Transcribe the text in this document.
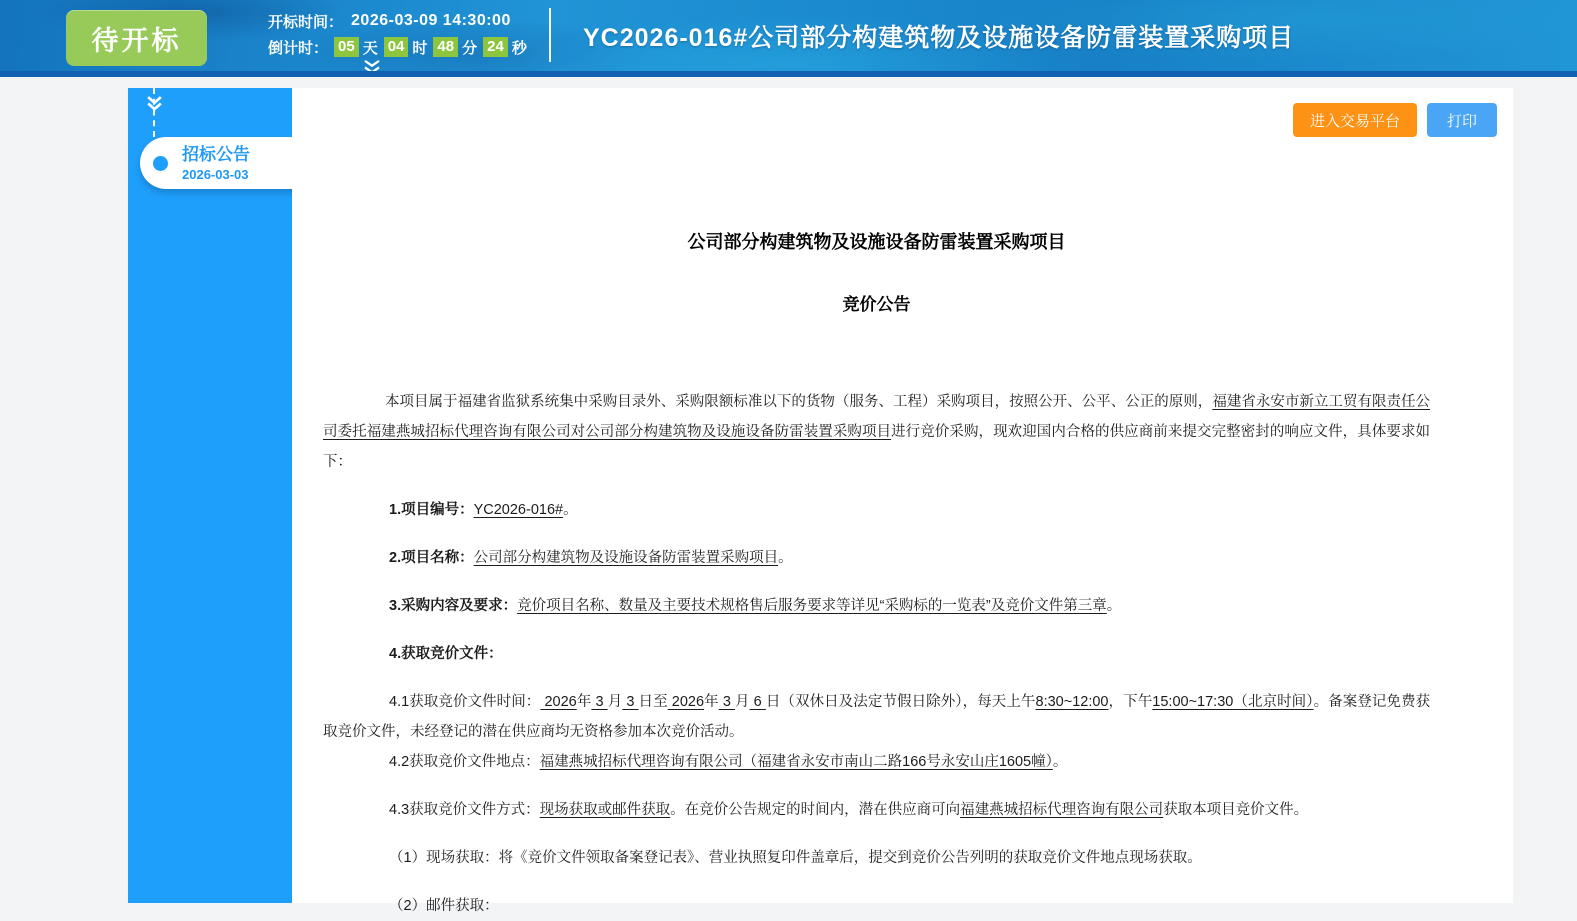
待开标
开标时间： 2026-03-09 14:30:00
倒计时： 05 天 04 时 48 分 24 秒 YC2026-016#公司部分构建筑物及设施设备防雷装置采购项目
招标公告
2026-03-03
进入交易平台	打印
公司部分构建筑物及设施设备防雷装置采购项目
竞价公告

本项目属于福建省监狱系统集中采购目录外、采购限额标准以下的货物（服务、工程）采购项目，按照公开、公平、公正的原则，福建省永安市新立工贸有限责任公司委托福建燕城招标代理咨询有限公司对公司部分构建筑物及设施设备防雷装置采购项目进行竞价采购，现欢迎国内合格的供应商前来提交完整密封的响应文件，具体要求如下：

1.项目编号：YC2026-016#。

2.项目名称：公司部分构建筑物及设施设备防雷装置采购项目。

3.采购内容及要求：竞价项目名称、数量及主要技术规格售后服务要求等详见“采购标的一览表”及竞价文件第三章。

4.获取竞价文件：

4.1获取竞价文件时间： 2026年 3 月 3 日至 2026年 3 月 6 日（双休日及法定节假日除外），每天上午8:30~12:00，下午15:00~17:30（北京时间）。备案登记免费获取竞价文件，未经登记的潜在供应商均无资格参加本次竞价活动。

4.2获取竞价文件地点：福建燕城招标代理咨询有限公司（福建省永安市南山二路166号永安山庄1605幢）。

4.3获取竞价文件方式：现场获取或邮件获取。在竞价公告规定的时间内，潜在供应商可向福建燕城招标代理咨询有限公司获取本项目竞价文件。

（1）现场获取：将《竞价文件领取备案登记表》、营业执照复印件盖章后，提交到竞价公告列明的获取竞价文件地点现场获取。

（2）邮件获取：
